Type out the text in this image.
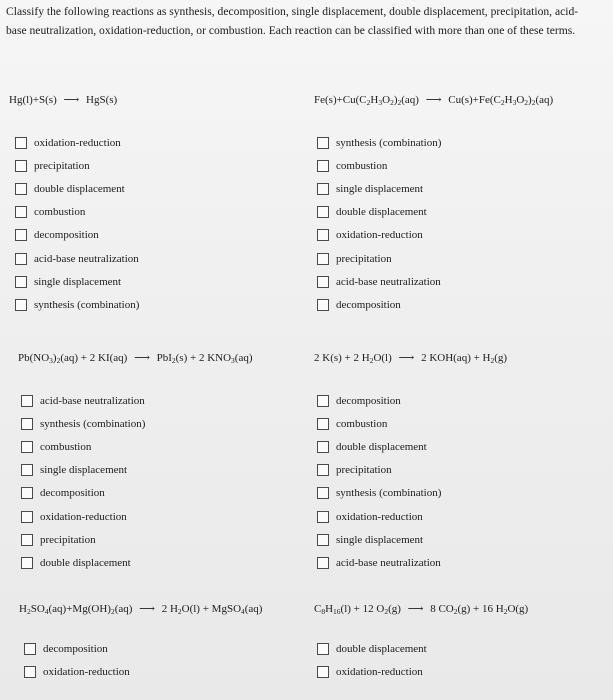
Classify the following reactions as synthesis, decomposition, single displacement, double displacement, precipitation, acid-base neutralization, oxidation-reduction, or combustion. Each reaction can be classified with more than one of these terms.
Hg(l)+S(s) ⟶ HgS(s)
oxidation-reduction
precipitation
double displacement
combustion
decomposition
acid-base neutralization
single displacement
synthesis (combination)
$Fe(s)+Cu(C_2H_3O_2)_2(aq)$ ⟶ $Cu(s)+Fe(C_2H_3O_2)_2(aq)$
synthesis (combination)
combustion
single displacement
double displacement
oxidation-reduction
precipitation
acid-base neutralization
decomposition
$Pb(NO_3)_2(aq) + 2$ KI(aq) ⟶ PbI$_2$(s) + 2 $KNO_3(aq)$
acid-base neutralization
synthesis (combination)
combustion
single displacement
decomposition
oxidation-reduction
precipitation
double displacement
2 K(s) + 2 $H_2O(l)$ ⟶ 2 $KOH(aq) + H_2(g)$
decomposition
combustion
double displacement
precipitation
synthesis (combination)
oxidation-reduction
single displacement
acid-base neutralization
$H_2SO_4(aq)+Mg(OH)_2(aq)$ ⟶ 2 $H_2O(l)$ + MgSO$_4$(aq)
decomposition
oxidation-reduction
$C_8H_{16}(l) + 12$ $O_2(g)$ ⟶ 8 $CO_2(g) + 16$ $H_2O(g)$
double displacement
oxidation-reduction
